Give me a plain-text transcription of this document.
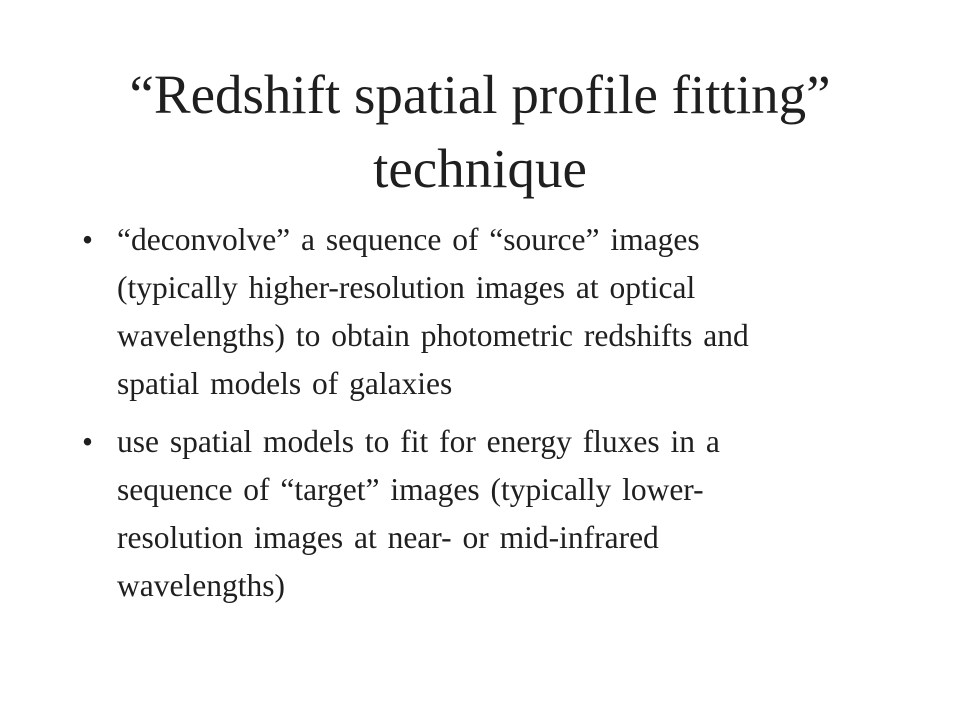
“Redshift spatial profile fitting”
technique
• “deconvolve” a sequence of “source” images
(typically higher-resolution images at optical
wavelengths) to obtain photometric redshifts and
spatial models of galaxies
• use spatial models to fit for energy fluxes in a
sequence of “target” images (typically lower-
resolution images at near- or mid-infrared
wavelengths)
